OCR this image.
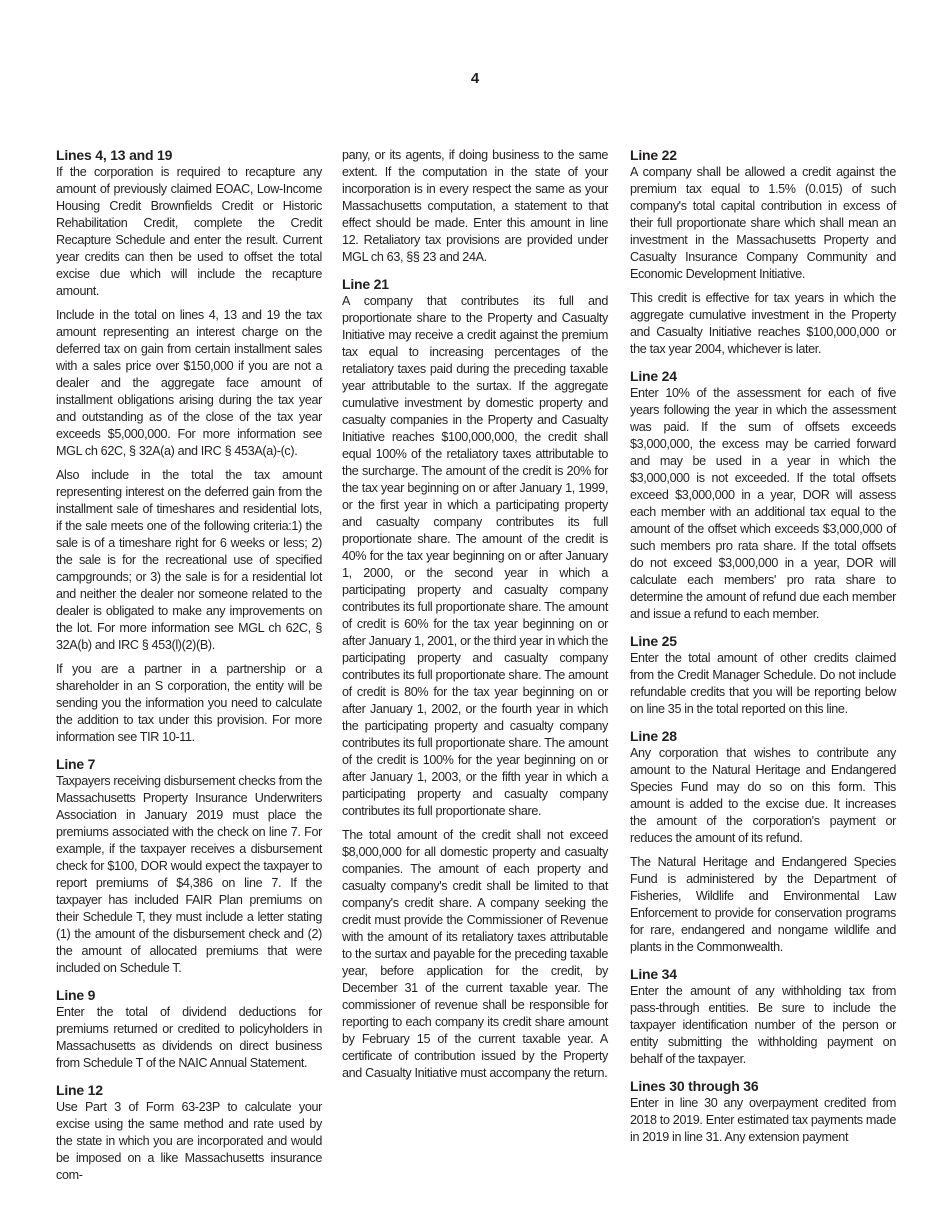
4
Lines 4, 13 and 19

If the corporation is required to recapture any amount of previously claimed EOAC, Low-Income Housing Credit Brownfields Credit or Historic Rehabilitation Credit, complete the Credit Recapture Schedule and enter the result. Current year credits can then be used to offset the total excise due which will include the recapture amount.

Include in the total on lines 4, 13 and 19 the tax amount representing an interest charge on the deferred tax on gain from certain installment sales with a sales price over $150,000 if you are not a dealer and the aggregate face amount of installment obligations arising during the tax year and outstanding as of the close of the tax year exceeds $5,000,000. For more information see MGL ch 62C, § 32A(a) and IRC § 453A(a)-(c).

Also include in the total the tax amount representing interest on the deferred gain from the installment sale of timeshares and residential lots, if the sale meets one of the following criteria:1) the sale is of a timeshare right for 6 weeks or less; 2) the sale is for the recreational use of specified campgrounds; or 3) the sale is for a residential lot and neither the dealer nor someone related to the dealer is obligated to make any improvements on the lot. For more information see MGL ch 62C, § 32A(b) and IRC § 453(l)(2)(B).

If you are a partner in a partnership or a shareholder in an S corporation, the entity will be sending you the information you need to calculate the addition to tax under this provision. For more information see TIR 10-11.

Line 7

Taxpayers receiving disbursement checks from the Massachusetts Property Insurance Underwriters Association in January 2019 must place the premiums associated with the check on line 7. For example, if the taxpayer receives a disbursement check for $100, DOR would expect the taxpayer to report premiums of $4,386 on line 7. If the taxpayer has included FAIR Plan premiums on their Schedule T, they must include a letter stating (1) the amount of the disbursement check and (2) the amount of allocated premiums that were included on Schedule T.

Line 9

Enter the total of dividend deductions for premiums returned or credited to policyholders in Massachusetts as dividends on direct business from Schedule T of the NAIC Annual Statement.

Line 12

Use Part 3 of Form 63-23P to calculate your excise using the same method and rate used by the state in which you are incorporated and would be imposed on a like Massachusetts insurance com-

pany, or its agents, if doing business to the same extent. If the computation in the state of your incorporation is in every respect the same as your Massachusetts computation, a statement to that effect should be made. Enter this amount in line 12. Retaliatory tax provisions are provided under MGL ch 63, §§ 23 and 24A.

Line 21

A company that contributes its full and proportionate share to the Property and Casualty Initiative may receive a credit against the premium tax equal to increasing percentages of the retaliatory taxes paid during the preceding taxable year attributable to the surtax. If the aggregate cumulative investment by domestic property and casualty companies in the Property and Casualty Initiative reaches $100,000,000, the credit shall equal 100% of the retaliatory taxes attributable to the surcharge. The amount of the credit is 20% for the tax year beginning on or after January 1, 1999, or the first year in which a participating property and casualty company contributes its full proportionate share. The amount of the credit is 40% for the tax year beginning on or after January 1, 2000, or the second year in which a participating property and casualty company contributes its full proportionate share. The amount of credit is 60% for the tax year beginning on or after January 1, 2001, or the third year in which the participating property and casualty company contributes its full proportionate share. The amount of credit is 80% for the tax year beginning on or after January 1, 2002, or the fourth year in which the participating property and casualty company contributes its full proportionate share. The amount of the credit is 100% for the year beginning on or after January 1, 2003, or the fifth year in which a participating property and casualty company contributes its full proportionate share.

The total amount of the credit shall not exceed $8,000,000 for all domestic property and casualty companies. The amount of each property and casualty company's credit shall be limited to that company's credit share. A company seeking the credit must provide the Commissioner of Revenue with the amount of its retaliatory taxes attributable to the surtax and payable for the preceding taxable year, before application for the credit, by December 31 of the current taxable year. The commissioner of revenue shall be responsible for reporting to each company its credit share amount by February 15 of the current taxable year. A certificate of contribution issued by the Property and Casualty Initiative must accompany the return.

Line 22

A company shall be allowed a credit against the premium tax equal to 1.5% (0.015) of such company's total capital contribution in excess of their full proportionate share which shall mean an investment in the Massachusetts Property and Casualty Insurance Company Community and Economic Development Initiative.

This credit is effective for tax years in which the aggregate cumulative investment in the Property and Casualty Initiative reaches $100,000,000 or the tax year 2004, whichever is later.

Line 24

Enter 10% of the assessment for each of five years following the year in which the assessment was paid. If the sum of offsets exceeds $3,000,000, the excess may be carried forward and may be used in a year in which the $3,000,000 is not exceeded. If the total offsets exceed $3,000,000 in a year, DOR will assess each member with an additional tax equal to the amount of the offset which exceeds $3,000,000 of such members pro rata share. If the total offsets do not exceed $3,000,000 in a year, DOR will calculate each members' pro rata share to determine the amount of refund due each member and issue a refund to each member.

Line 25

Enter the total amount of other credits claimed from the Credit Manager Schedule. Do not include refundable credits that you will be reporting below on line 35 in the total reported on this line.

Line 28

Any corporation that wishes to contribute any amount to the Natural Heritage and Endangered Species Fund may do so on this form. This amount is added to the excise due. It increases the amount of the corporation's payment or reduces the amount of its refund.

The Natural Heritage and Endangered Species Fund is administered by the Department of Fisheries, Wildlife and Environmental Law Enforcement to provide for conservation programs for rare, endangered and nongame wildlife and plants in the Commonwealth.

Line 34

Enter the amount of any withholding tax from pass-through entities. Be sure to include the taxpayer identification number of the person or entity submitting the withholding payment on behalf of the taxpayer.

Lines 30 through 36

Enter in line 30 any overpayment credited from 2018 to 2019. Enter estimated tax payments made in 2019 in line 31. Any extension payment
